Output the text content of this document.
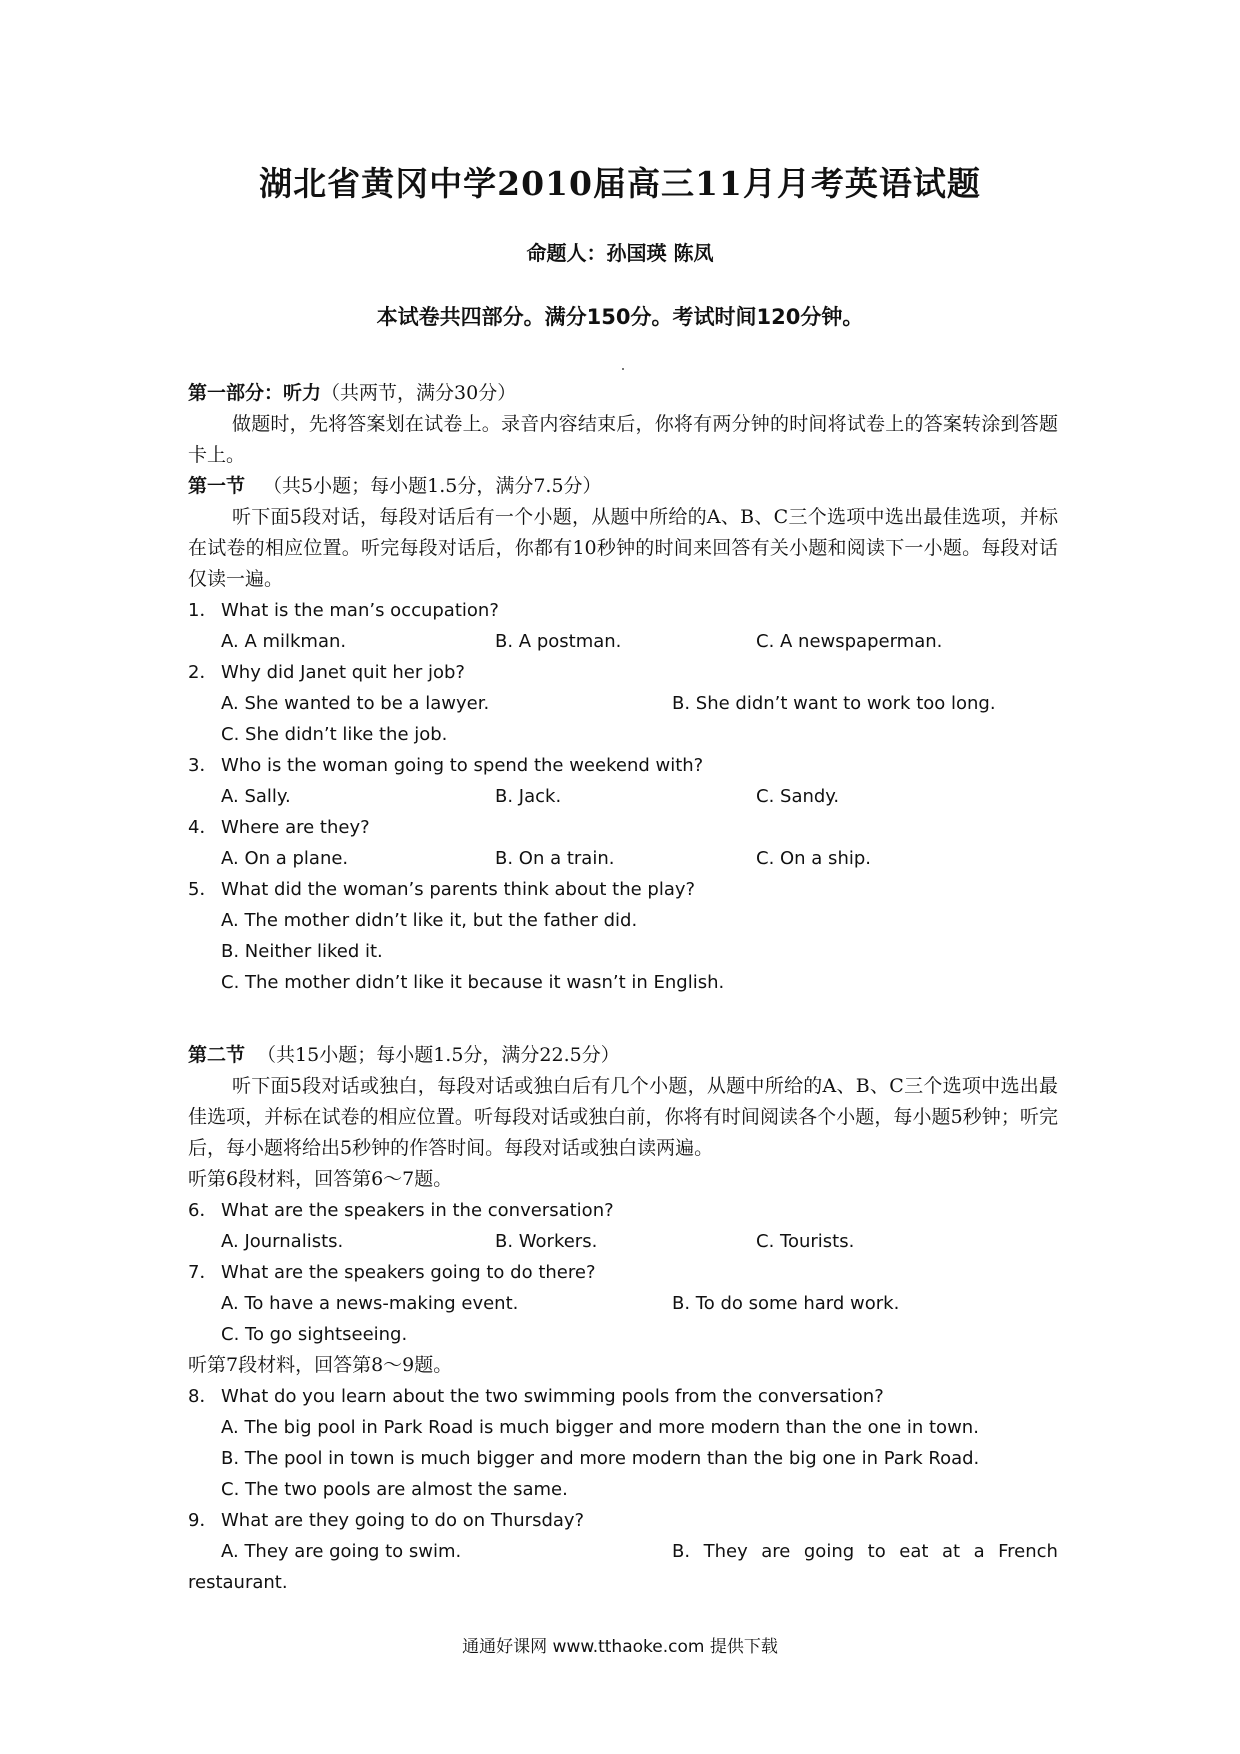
湖北省黄冈中学2010届高三11月月考英语试题
命题人：孙国瑛 陈凤
本试卷共四部分。满分150分。考试时间120分钟。

第一部分：听力（共两节，满分30分）

做题时，先将答案划在试卷上。录音内容结束后，你将有两分钟的时间将试卷上的答案转涂到答题卡上。

第一节 （共5小题；每小题1.5分，满分7.5分）

听下面5段对话，每段对话后有一个小题，从题中所给的A、B、C三个选项中选出最佳选项，并标在试卷的相应位置。听完每段对话后，你都有10秒钟的时间来回答有关小题和阅读下一小题。每段对话仅读一遍。

1． What is the man’s occupation?

A. A milkman.	B. A postman.	C. A newspaperman.

2． Why did Janet quit her job?

A. She wanted to be a lawyer.	B. She didn’t want to work too long.
C. She didn’t like the job.

3． Who is the woman going to spend the weekend with?

A. Sally.	B. Jack.	C. Sandy.

4． Where are they?

A. On a plane.	B. On a train.	C. On a ship.

5． What did the woman’s parents think about the play?

A. The mother didn’t like it, but the father did.
B. Neither liked it.
C. The mother didn’t like it because it wasn’t in English.

第二节 （共15小题；每小题1.5分，满分22.5分）

听下面5段对话或独白，每段对话或独白后有几个小题，从题中所给的A、B、C三个选项中选出最佳选项，并标在试卷的相应位置。听每段对话或独白前，你将有时间阅读各个小题，每小题5秒钟；听完后，每小题将给出5秒钟的作答时间。每段对话或独白读两遍。

听第6段材料，回答第6～7题。

6． What are the speakers in the conversation?

A. Journalists.	B. Workers.	C. Tourists.

7． What are the speakers going to do there?

A. To have a news-making event.	B. To do some hard work.
C. To go sightseeing.

听第7段材料，回答第8～9题。

8． What do you learn about the two swimming pools from the conversation?

A. The big pool in Park Road is much bigger and more modern than the one in town.
B. The pool in town is much bigger and more modern than the big one in Park Road.
C. The two pools are almost the same.

9． What are they going to do on Thursday?

A. They are going to swim.	B. They are going to eat at a French
restaurant.
通通好课网 www.tthaoke.com 提供下载
